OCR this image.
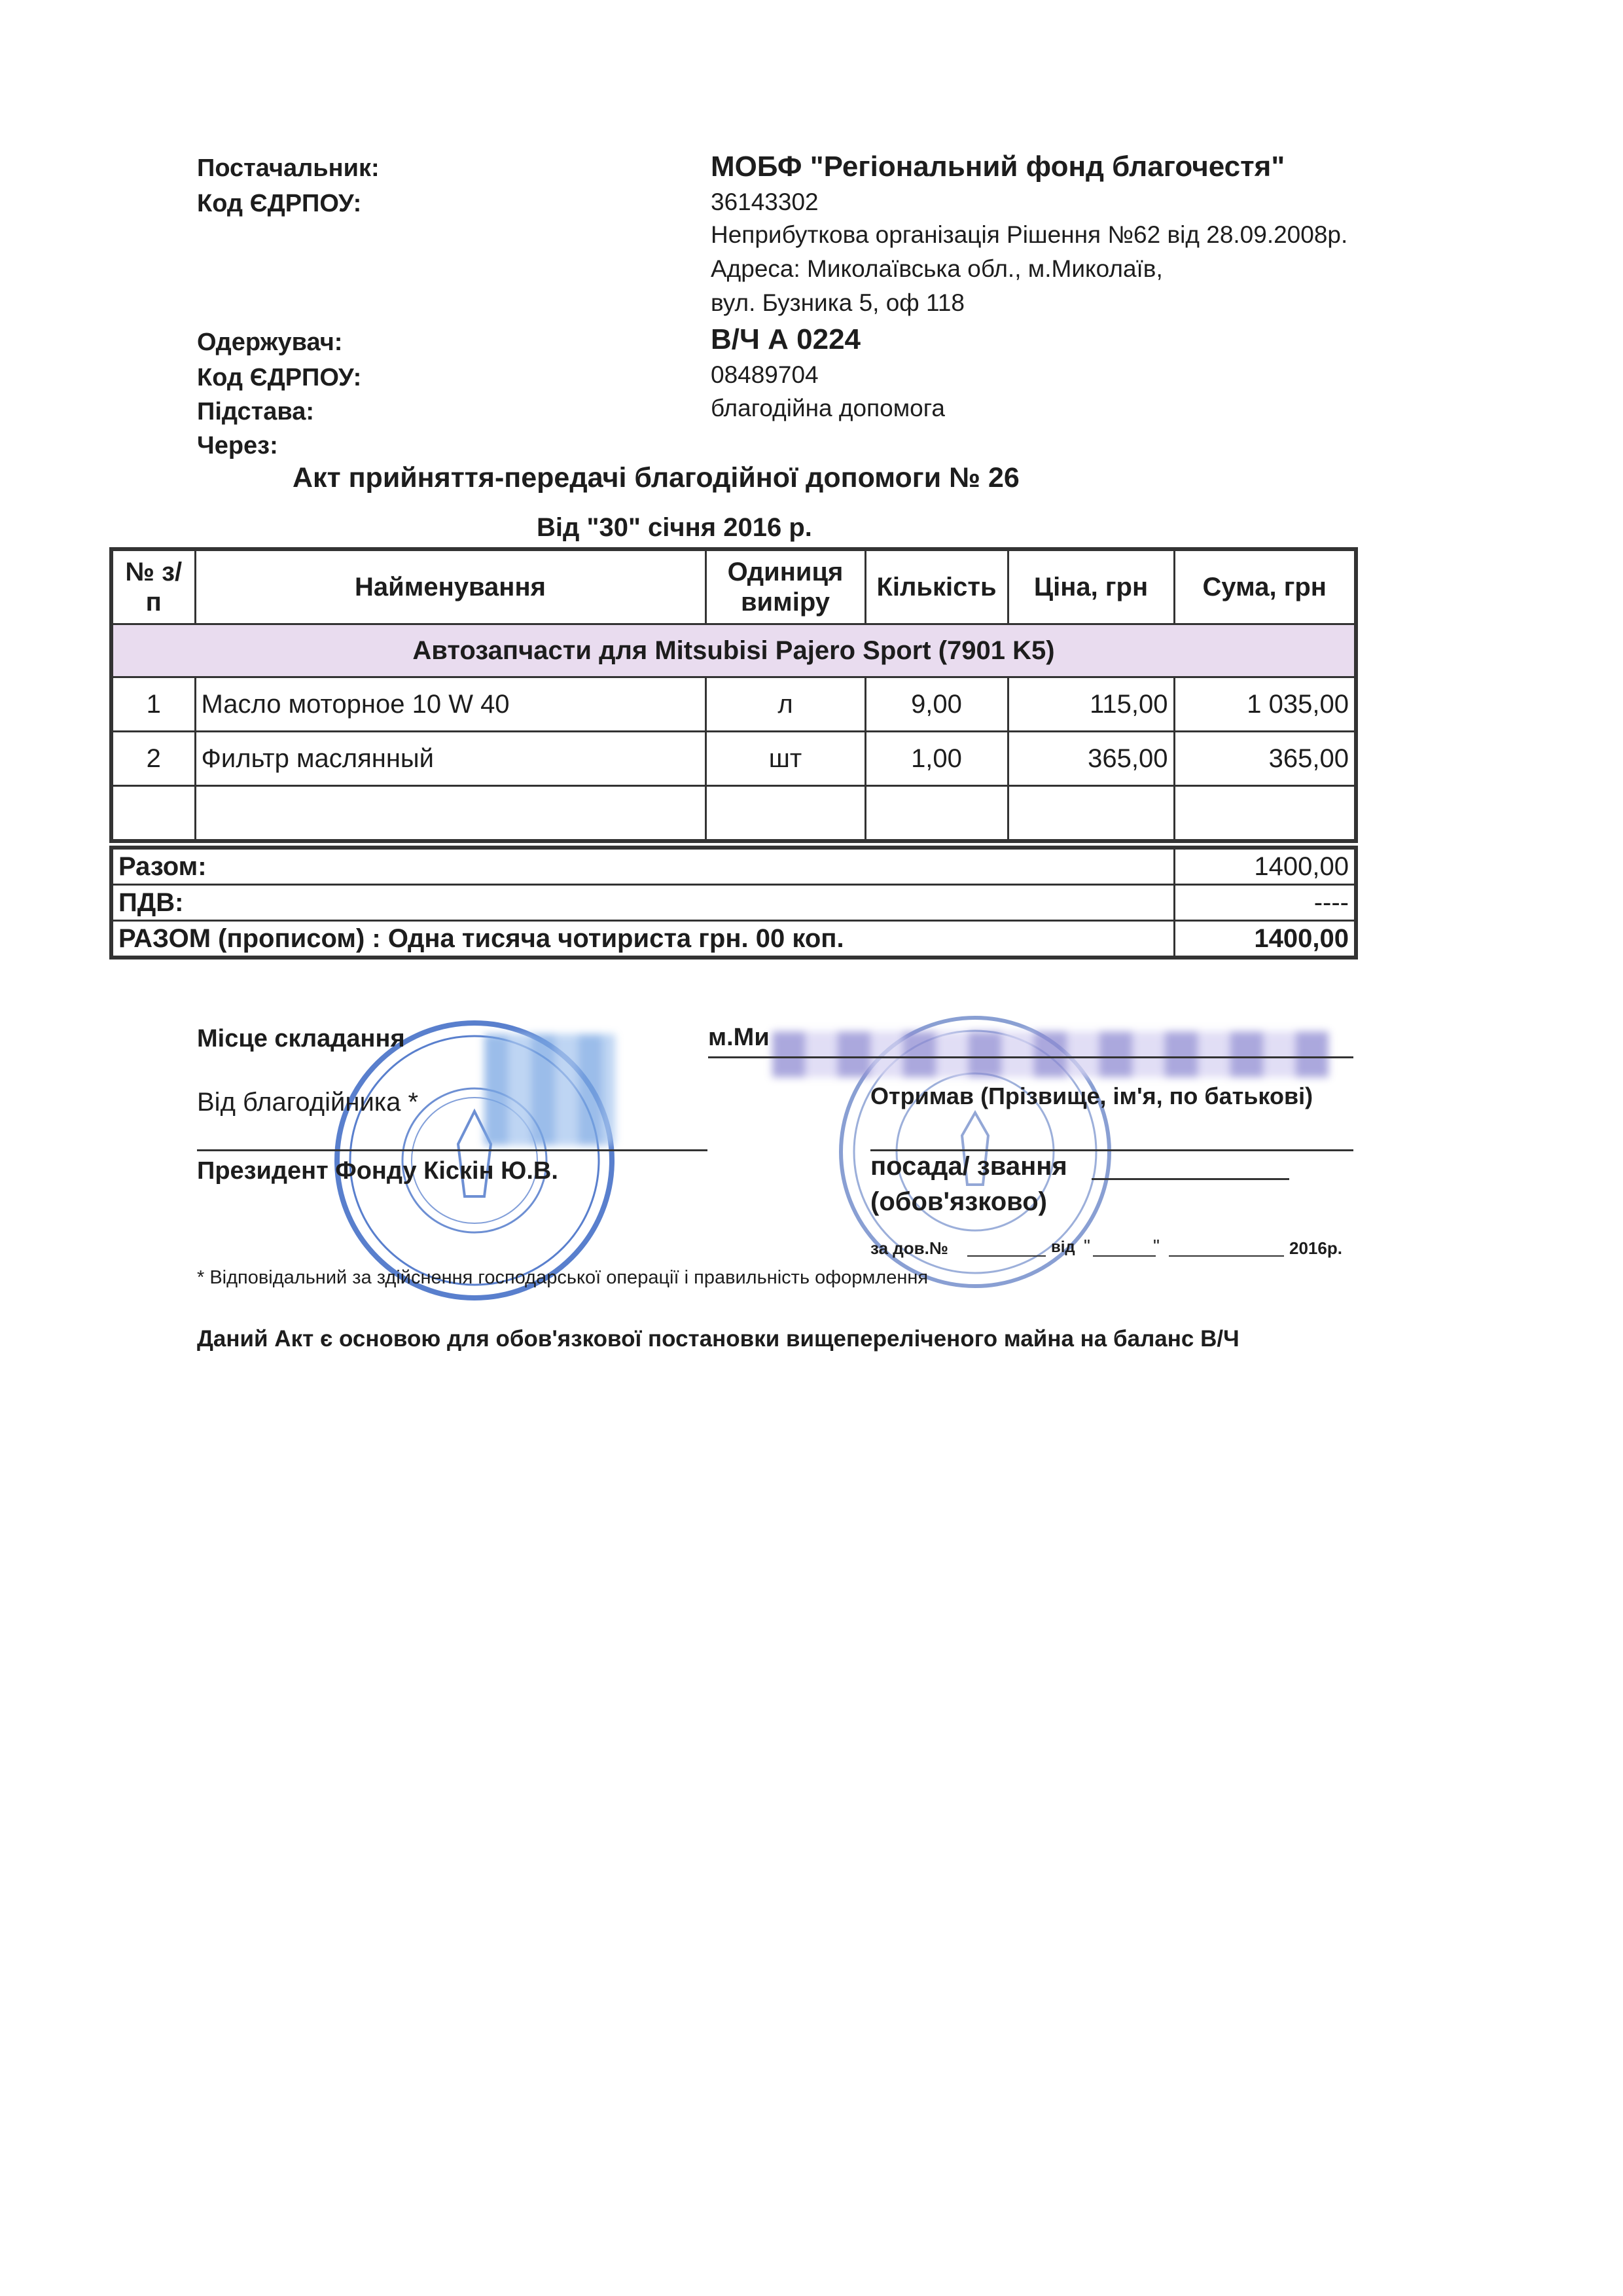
Постачальник:	МОБФ "Регіональний фонд благочестя"
Код ЄДРПОУ:	36143302
Неприбуткова організація Рішення №62 від 28.09.2008р.
Адреса: Миколаївська обл., м.Миколаїв,
вул. Бузника 5, оф 118
Одержувач:	В/Ч А 0224
Код ЄДРПОУ:	08489704
Підстава:	благодійна допомога
Через:
Акт прийняття-передачі благодійної допомоги № 26
Від "30" січня 2016 р.
№ з/п	Найменування	Одиниця виміру	Кількість	Ціна, грн	Сума, грн
Автозапчасти для Mitsubisi Pajero Sport (7901 K5)					
1	Масло моторное 10 W 40	л	9,00	115,00	1 035,00
2	Фильтр маслянный	шт	1,00	365,00	365,00

Разом:	1400,00
ПДВ:	----
РАЗОМ (прописом) : Одна тисяча чотириста грн. 00 коп.	1400,00
Місце складання	м.Ми
Від благодійника *	Отримав (Прізвище, ім'я, по батькові)
Президент Фонду Кіскін Ю.В.	посада/ звання
(обов'язково)
за дов.№	від "	"	2016р.
* Відповідальний за здійснення господарської операції і правильність оформлення
Даний Акт є основою для обов'язкової постановки вищепереліченого майна на баланс В/Ч
